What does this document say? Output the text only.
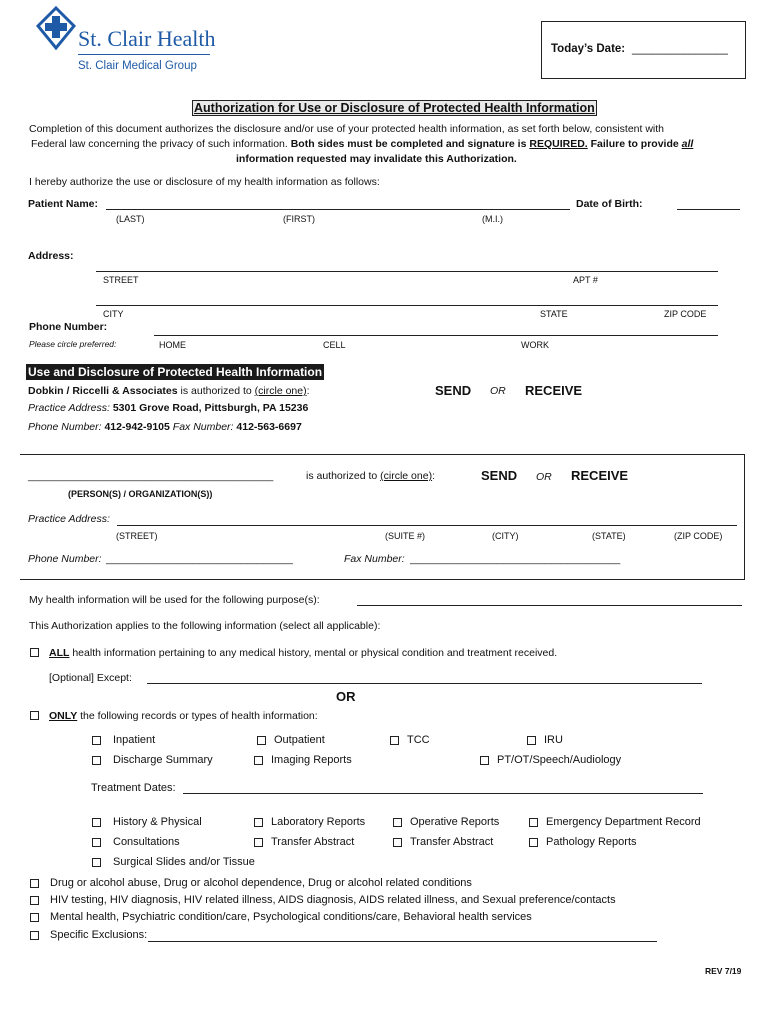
St. Clair Health
St. Clair Medical Group
Today’s Date: _______________
Authorization for Use or Disclosure of Protected Health Information
Completion of this document authorizes the disclosure and/or use of your protected health information, as set forth below, consistent with
Federal law concerning the privacy of such information. Both sides must be completed and signature is REQUIRED. Failure to provide all
information requested may invalidate this Authorization.
I hereby authorize the use or disclosure of my health information as follows:
Patient Name:	Date of Birth:
(LAST)	(FIRST)	(M.I.)
Address:
STREET	APT #
CITY	STATE	ZIP CODE
Phone Number:
Please circle preferred:	HOME	CELL	WORK
Use and Disclosure of Protected Health Information
Dobkin / Riccelli & Associates is authorized to (circle one):	SEND OR RECEIVE
Practice Address: 5301 Grove Road, Pittsburgh, PA 15236
Phone Number: 412-942-9105 Fax Number: 412-563-6697
__________________________________________	is authorized to (circle one):	SEND OR RECEIVE
(PERSON(S) / ORGANIZATION(S))
Practice Address:
(STREET)	(SUITE #)	(CITY)	(STATE)	(ZIP CODE)
Phone Number: ________________________________	Fax Number: ____________________________________
My health information will be used for the following purpose(s):
This Authorization applies to the following information (select all applicable):
ALL health information pertaining to any medical history, mental or physical condition and treatment received.
[Optional] Except:
OR
ONLY the following records or types of health information:
Inpatient	Outpatient	TCC	IRU
Discharge Summary	Imaging Reports	PT/OT/Speech/Audiology
Treatment Dates:
History & Physical	Laboratory Reports	Operative Reports	Emergency Department Record
Consultations	Transfer Abstract	Transfer Abstract	Pathology Reports
Surgical Slides and/or Tissue
Drug or alcohol abuse, Drug or alcohol dependence, Drug or alcohol related conditions
HIV testing, HIV diagnosis, HIV related illness, AIDS diagnosis, AIDS related illness, and Sexual preference/contacts
Mental health, Psychiatric condition/care, Psychological conditions/care, Behavioral health services
Specific Exclusions:
REV 7/19
